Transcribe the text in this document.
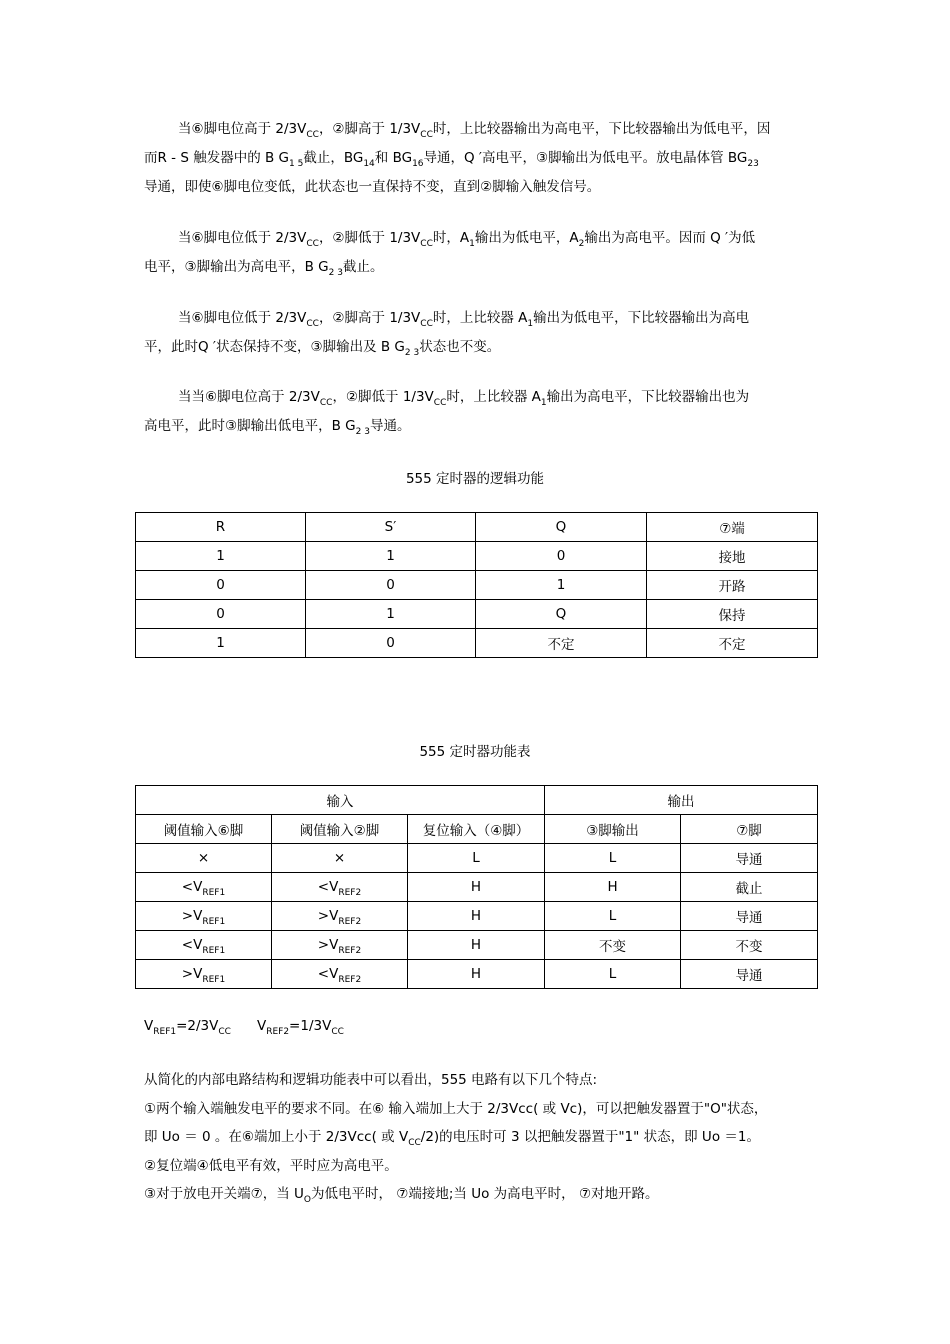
当⑥脚电位高于 $2/3V_{CC}$，②脚高于 $1/3V_{CC}$时，上比较器输出为高电平，下比较器输出为低电平，因
而R - S 触发器中的 B $G_{1 5}$截止，$BG_{14}$和 $BG_{16}$导通，Q ′高电平，③脚输出为低电平。放电晶体管 $BG_{23}$
导通，即使⑥脚电位变低，此状态也一直保持不变，直到②脚输入触发信号。
当⑥脚电位低于 $2/3V_{CC}$，②脚低于 $1/3V_{CC}$时，$A_1$输出为低电平，$A_2$输出为高电平。因而 Q ′为低
电平，③脚输出为高电平，B $G_{2 3}$截止。
当⑥脚电位低于 $2/3V_{CC}$，②脚高于 $1/3V_{CC}$时，上比较器 $A_1$输出为低电平，下比较器输出为高电
平，此时Q ′状态保持不变，③脚输出及 B $G_{2 3}$状态也不变。
当当⑥脚电位高于 $2/3V_{CC}$，②脚低于 $1/3V_{CC}$时，上比较器 $A_1$输出为高电平，下比较器输出也为
高电平，此时③脚输出低电平，B $G_{2 3}$导通。
555 定时器的逻辑功能
R	S′	Q	⑦端
1	1	0	接地
0	0	1	开路
0	1	Q	保持
1	0	不定	不定
555 定时器功能表
输入			输出	
阈值输入⑥脚	阈值输入②脚	复位输入（④脚）	③脚输出	⑦脚
×	×	L	L	导通
$<V_{REF1}$	$<V_{REF2}$	H	H	截止
$>V_{REF1}$	$>V_{REF2}$	H	L	导通
$<V_{REF1}$	$>V_{REF2}$	H	不变	不变
$>V_{REF1}$	$<V_{REF2}$	H	L	导通
$V_{REF1}=2/3V_{CC}$ $V_{REF2}=1/3V_{CC}$
从简化的内部电路结构和逻辑功能表中可以看出，555 电路有以下几个特点:
①两个输入端触发电平的要求不同。在⑥ 输入端加上大于 2/3Vcc( 或 Vc)，可以把触发器置于"O"状态，
即 Uo ＝ 0 。在⑥端加上小于 2/3Vcc( 或 $V_{CC}/2$)的电压时可 3 以把触发器置于"1" 状态，即 Uo ＝1。
②复位端④低电平有效，平时应为高电平。
③对于放电开关端⑦，当 $U_O$为低电平时， ⑦端接地;当 Uo 为高电平时， ⑦对地开路。
